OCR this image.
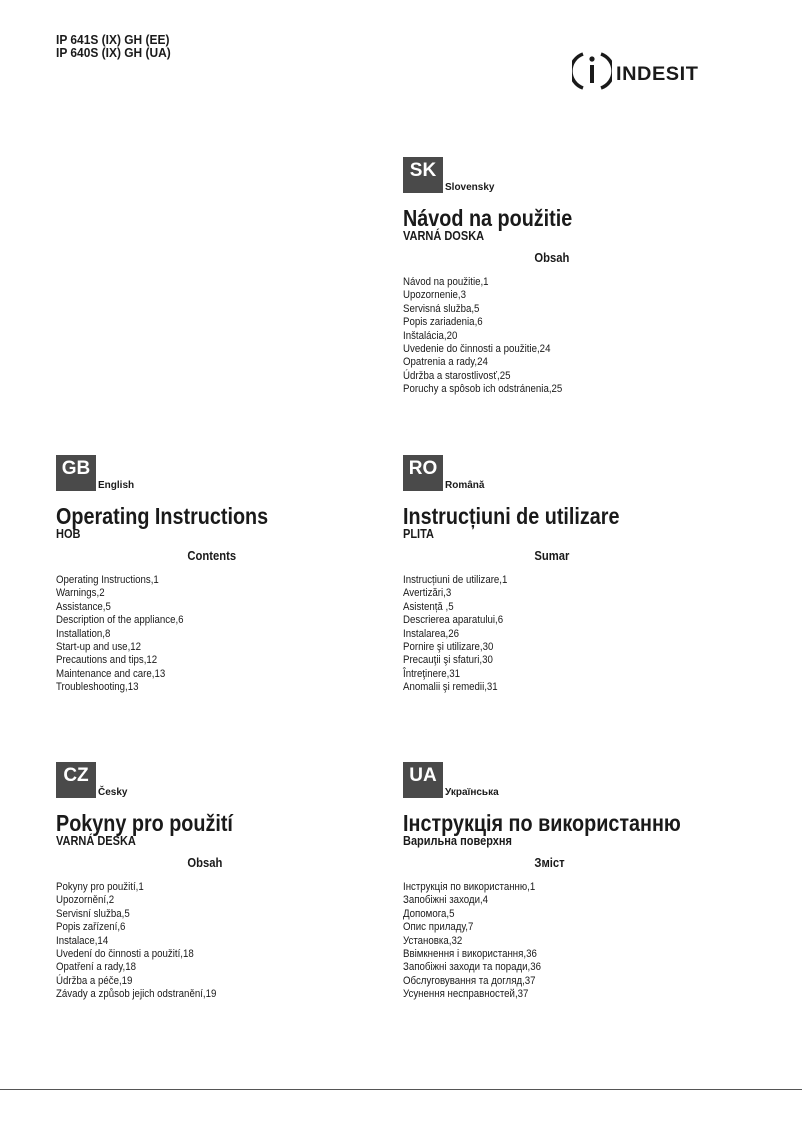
IP 641S (IX) GH (EE)
IP 640S (IX) GH (UA)
indesit
SK
Slovensky
Návod na použitie
VARNÁ DOSKA
Obsah
Návod na použitie,1
Upozornenie,3
Servisná služba,5
Popis zariadenia,6
Inštalácia,20
Uvedenie do činnosti a použitie,24
Opatrenia a rady,24
Údržba a starostlivosť,25
Poruchy a spôsob ich odstránenia,25
GB
English
Operating Instructions
HOB
Contents
Operating Instructions,1
Warnings,2
Assistance,5
Description of the appliance,6
Installation,8
Start-up and use,12
Precautions and tips,12
Maintenance and care,13
Troubleshooting,13
RO
Română
Instrucțiuni de utilizare
PLITA
Sumar
Instrucțiuni de utilizare,1
Avertizări,3
Asistență ,5
Descrierea aparatului,6
Instalarea,26
Pornire şi utilizare,30
Precauţii şi sfaturi,30
Întreţinere,31
Anomalii şi remedii,31
CZ
Česky
Pokyny pro použití
VARNÁ DESKA
Obsah
Pokyny pro použití,1
Upozornění,2
Servisní služba,5
Popis zařízení,6
Instalace,14
Uvedení do činnosti a použití,18
Opatření a rady,18
Údržba a péče,19
Závady a způsob jejich odstranění,19
UA
Українська
Інструкція по використанню
Варильна поверхня
Зміст
Інструкція по використанню,1
Запобіжні заходи,4
Допомога,5
Опис приладу,7
Установка,32
Ввімкнення і використання,36
Запобіжні заходи та поради,36
Обслуговування та догляд,37
Усунення несправностей,37
